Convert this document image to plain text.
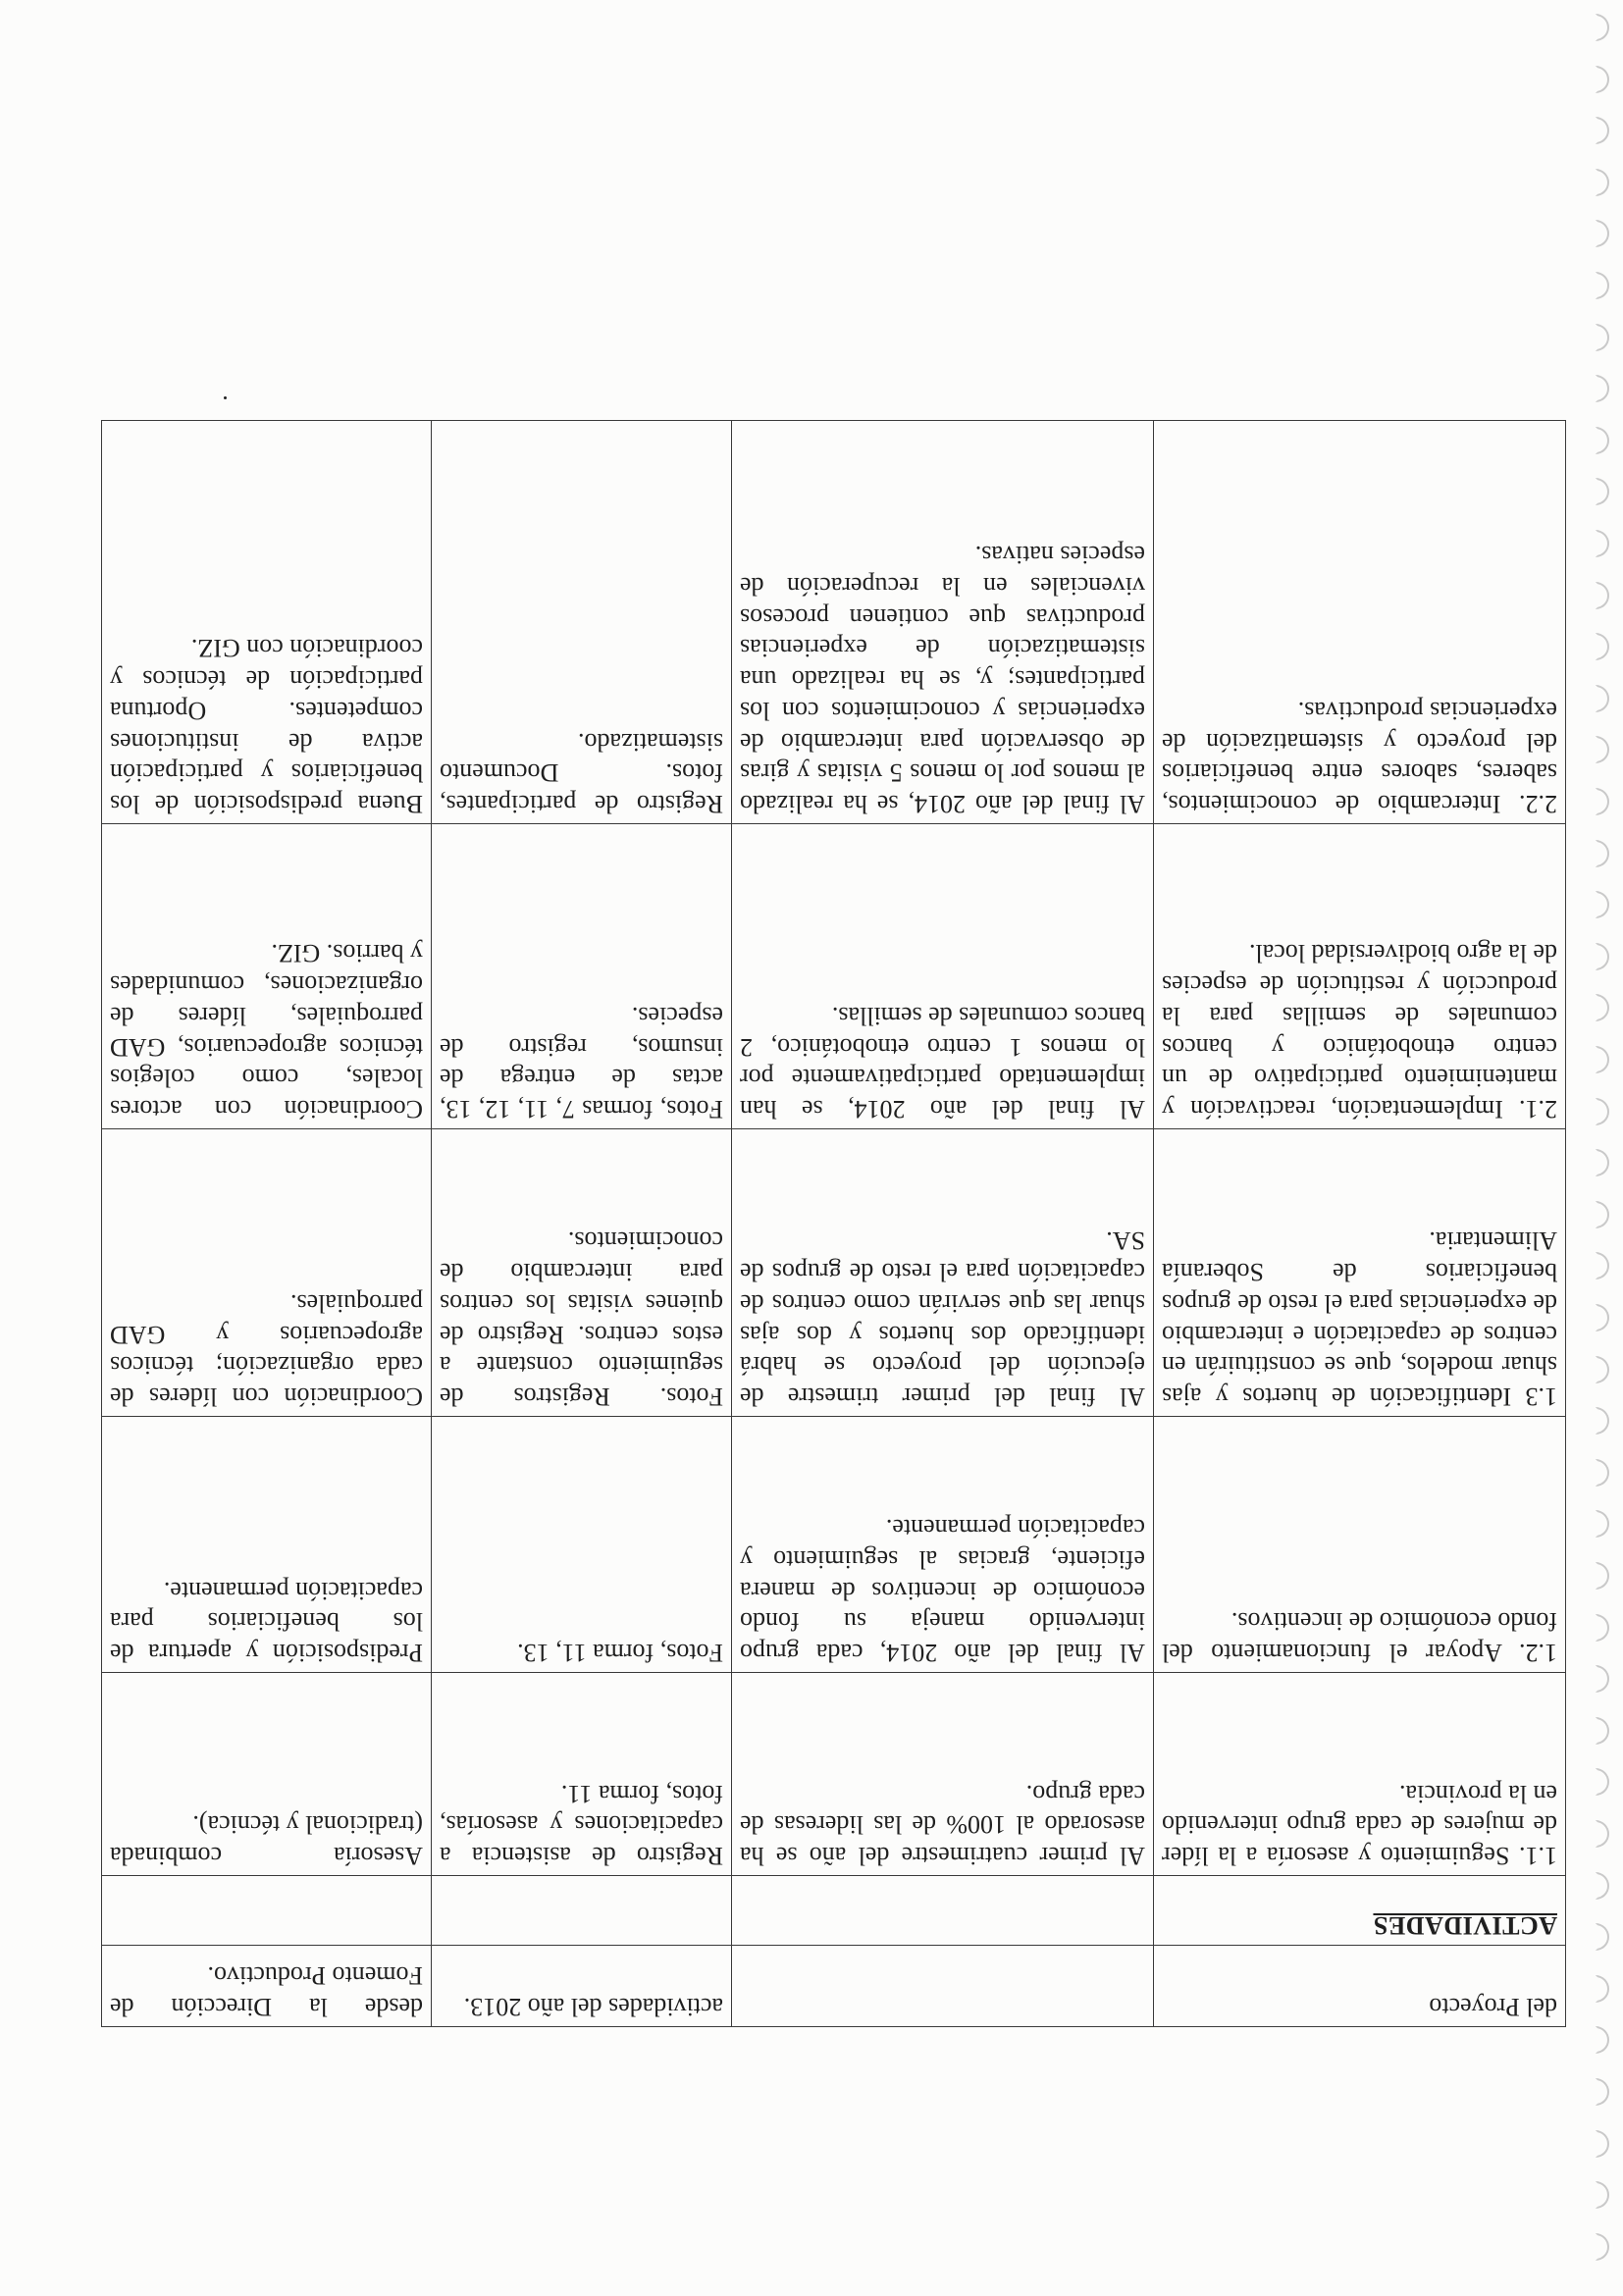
del Proyecto		actividades del año 2013.	desde la Dirección de Fomento Productivo.
ACTIVIDADES			
1.1. Seguimiento y asesoría a la líder de mujeres de cada grupo intervenido en la provincia.	Al primer cuatrimestre del año se ha asesorado al 100% de las lideresas de cada grupo.	Registro de asistencia a capacitaciones y asesorías, fotos, forma 11.	Asesoría combinada (tradicional y técnica).
1.2. Apoyar el funcionamiento del fondo económico de incentivos.	Al final del año 2014, cada grupo intervenido maneja su fondo económico de incentivos de manera eficiente, gracias al seguimiento y capacitación permanente.	Fotos, forma 11, 13.	Predisposición y apertura de los beneficiarios para capacitación permanente.
1.3 Identificación de huertos y ajas shuar modelos, que se constituirán en centros de capacitación e intercambio de experiencias para el resto de grupos beneficiarios de Soberanía Alimentaria.	Al final del primer trimestre de ejecución del proyecto se habrá identificado dos huertos y dos ajas shuar las que servirán como centros de capacitación para el resto de grupos de SA.	Fotos. Registros de seguimiento constante a estos centros. Registro de quienes visitas los centros para intercambio de conocimientos.	Coordinación con líderes de cada organización; técnicos agropecuarios y GAD parroquiales.
2.1. Implementación, reactivación y mantenimiento participativo de un centro etnobotánico y bancos comunales de semillas para la producción y restitución de especies de la agro biodiversidad local.	Al final del año 2014, se han implementado participativamente por lo menos 1 centro etnobotánico, 2 bancos comunales de semillas.	Fotos, formas 7, 11, 12, 13, actas de entrega de insumos, registro de especies.	Coordinación con actores locales, como colegios técnicos agropecuarios, GAD parroquiales, líderes de organizaciones, comunidades y barrios. GIZ.
2.2. Intercambio de conocimientos, saberes, sabores entre beneficiarios del proyecto y sistematización de experiencias productivas.	Al final del año 2014, se ha realizado al menos por lo menos 5 visitas y giras de observación para intercambio de experiencias y conocimientos con los participantes; y, se ha realizado una sistematización de experiencias productivas que contienen procesos vivenciales en la recuperación de especies nativas.	Registro de participantes, fotos. Documento sistematizado.	Buena predisposición de los beneficiarios y participación activa de instituciones competentes. Oportuna participación de técnicos y coordinación con GIZ.
